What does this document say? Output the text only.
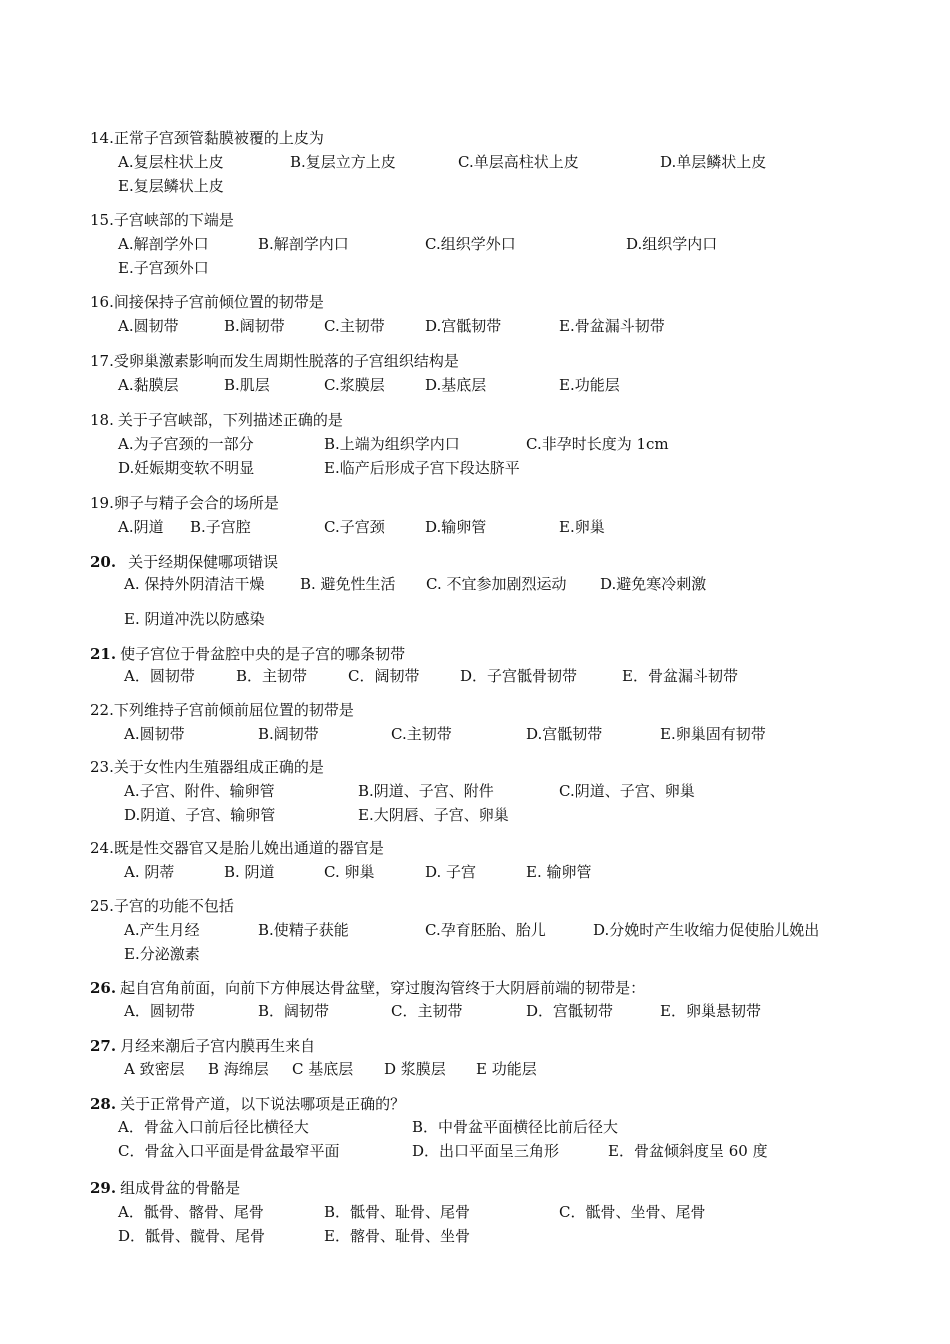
14.正常子宫颈管黏膜被覆的上皮为
A.复层柱状上皮	B.复层立方上皮	C.单层高柱状上皮	D.单层鳞状上皮
E.复层鳞状上皮
15.子宫峡部的下端是
A.解剖学外口	B.解剖学内口	C.组织学外口	D.组织学内口
E.子宫颈外口
16.间接保持子宫前倾位置的韧带是
A.圆韧带	B.阔韧带	C.主韧带	D.宫骶韧带	E.骨盆漏斗韧带
17.受卵巢激素影响而发生周期性脱落的子宫组织结构是
A.黏膜层	B.肌层	C.浆膜层	D.基底层	E.功能层
18. 关于子宫峡部，下列描述正确的是
A.为子宫颈的一部分	B.上端为组织学内口	C.非孕时长度为 1cm
D.妊娠期变软不明显	E.临产后形成子宫下段达脐平
19.卵子与精子会合的场所是
A.阴道 B.子宫腔	C.子宫颈	D.输卵管	E.卵巢
20. 关于经期保健哪项错误
A. 保持外阴清洁干燥 B. 避免性生活 C. 不宜参加剧烈运动 D.避免寒冷刺激
E. 阴道冲洗以防感染
21. 使子宫位于骨盆腔中央的是子宫的哪条韧带
A．圆韧带	B．主韧带	C．阔韧带	D．子宫骶骨韧带	E．骨盆漏斗韧带
22.下列维持子宫前倾前屈位置的韧带是
A.圆韧带	B.阔韧带	C.主韧带	D.宫骶韧带	E.卵巢固有韧带
23.关于女性内生殖器组成正确的是
A.子宫、附件、输卵管	B.阴道、子宫、附件	C.阴道、子宫、卵巢
D.阴道、子宫、输卵管	E.大阴唇、子宫、卵巢
24.既是性交器官又是胎儿娩出通道的器官是
A. 阴蒂	B. 阴道	C. 卵巢	D. 子宫	E. 输卵管
25.子宫的功能不包括
A.产生月经	B.使精子获能	C.孕育胚胎、胎儿	D.分娩时产生收缩力促使胎儿娩出
E.分泌激素
26. 起自宫角前面，向前下方伸展达骨盆壁，穿过腹沟管终于大阴唇前端的韧带是：
A．圆韧带	B．阔韧带	C．主韧带	D．宫骶韧带	E．卵巢悬韧带
27. 月经来潮后子宫内膜再生来自
A 致密层 B 海绵层 C 基底层 D 浆膜层 E 功能层
28. 关于正常骨产道，以下说法哪项是正确的？
A．骨盆入口前后径比横径大	B．中骨盆平面横径比前后径大
C．骨盆入口平面是骨盆最窄平面	D．出口平面呈三角形	E．骨盆倾斜度呈 60 度
29. 组成骨盆的骨骼是
A．骶骨、髂骨、尾骨	B．骶骨、耻骨、尾骨	C．骶骨、坐骨、尾骨
D．骶骨、髋骨、尾骨	E．髂骨、耻骨、坐骨
